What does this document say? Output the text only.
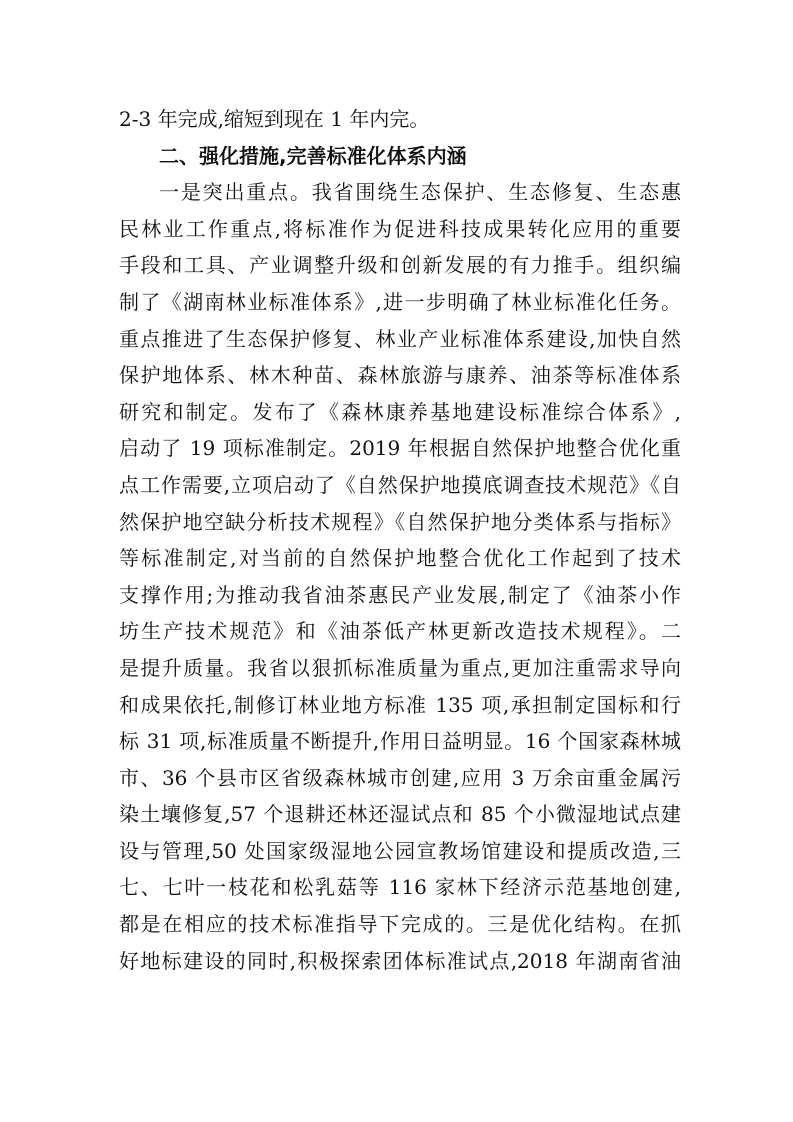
2-3 年完成,缩短到现在 1 年内完。
二、强化措施,完善标准化体系内涵
一是突出重点。我省围绕生态保护、生态修复、生态惠
民林业工作重点,将标准作为促进科技成果转化应用的重要
手段和工具、产业调整升级和创新发展的有力推手。组织编
制了《湖南林业标准体系》,进一步明确了林业标准化任务。
重点推进了生态保护修复、林业产业标准体系建设,加快自然
保护地体系、林木种苗、森林旅游与康养、油茶等标准体系
研究和制定。发布了《森林康养基地建设标准综合体系》,
启动了 19 项标准制定。2019 年根据自然保护地整合优化重
点工作需要,立项启动了《自然保护地摸底调查技术规范》《自
然保护地空缺分析技术规程》《自然保护地分类体系与指标》
等标准制定,对当前的自然保护地整合优化工作起到了技术
支撑作用;为推动我省油茶惠民产业发展,制定了《油茶小作
坊生产技术规范》和《油茶低产林更新改造技术规程》。二
是提升质量。我省以狠抓标准质量为重点,更加注重需求导向
和成果依托,制修订林业地方标准 135 项,承担制定国标和行
标 31 项,标准质量不断提升,作用日益明显。16 个国家森林城
市、36 个县市区省级森林城市创建,应用 3 万余亩重金属污
染土壤修复,57 个退耕还林还湿试点和 85 个小微湿地试点建
设与管理,50 处国家级湿地公园宣教场馆建设和提质改造,三
七、七叶一枝花和松乳菇等 116 家林下经济示范基地创建,
都是在相应的技术标准指导下完成的。三是优化结构。在抓
好地标建设的同时,积极探索团体标准试点,2018 年湖南省油
